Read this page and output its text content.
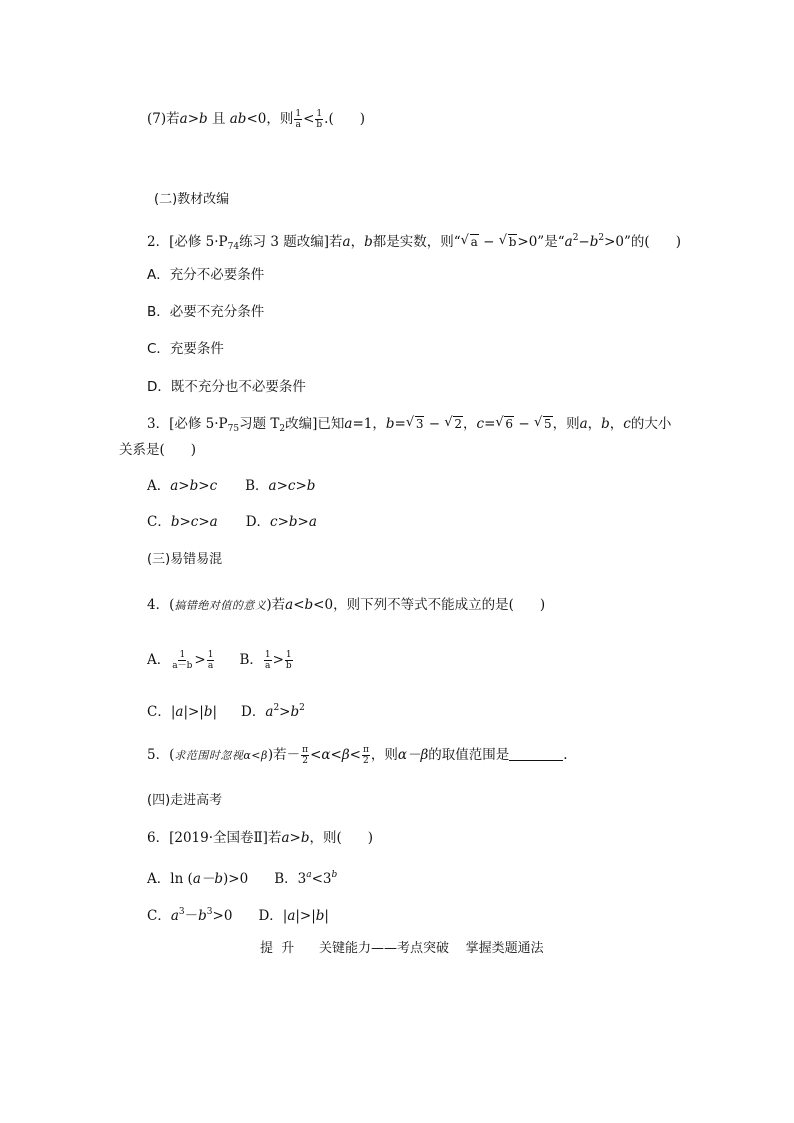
(7)若a>b 且 ab<0，则 $\frac{1}{a} < \frac{1}{b}$ .( )
(二)教材改编
2．[必修 $5\cdot P_{74}$练习 3 题改编]若a，b都是实数，则“ √ a − √ b>0”是“$a^2-b^2>0$”的( )
A．充分不必要条件
B．必要不充分条件
C．充要条件
D．既不充分也不必要条件
3．[必修 $5\cdot P_{75}$习题 $T_2$改编]已知a=1，b= √ 3 − √ 2，c= √ 6 − √ 5，则a，b，c的大小
关系是( )
A．a>b>c B．a>c>b
C．b>c>a D．c>b>a
(三)易错易混
4．(搞错绝对值的意义)若a<b<0，则下列不等式不能成立的是( )
A． $\frac{1}{a-b} > \frac{1}{a}$ B． $\frac{1}{a} > \frac{1}{b}$
C．|a|>|b| D．$a^2>b^2$
5．(求范围时忽视α<β)若－ $\frac{\pi}{2} <\alpha<\beta< \frac{\pi}{2}$ ，则α－β的取值范围是	.
(四)走进高考
6．[2019·全国卷Ⅱ]若a>b，则( )
A．ln (a－b)>0 B．$3^a<3^b$
C．$a^3-b^3>0$ D．|a|>|b|
提  升      关键能力——考点突破    掌握类题通法
